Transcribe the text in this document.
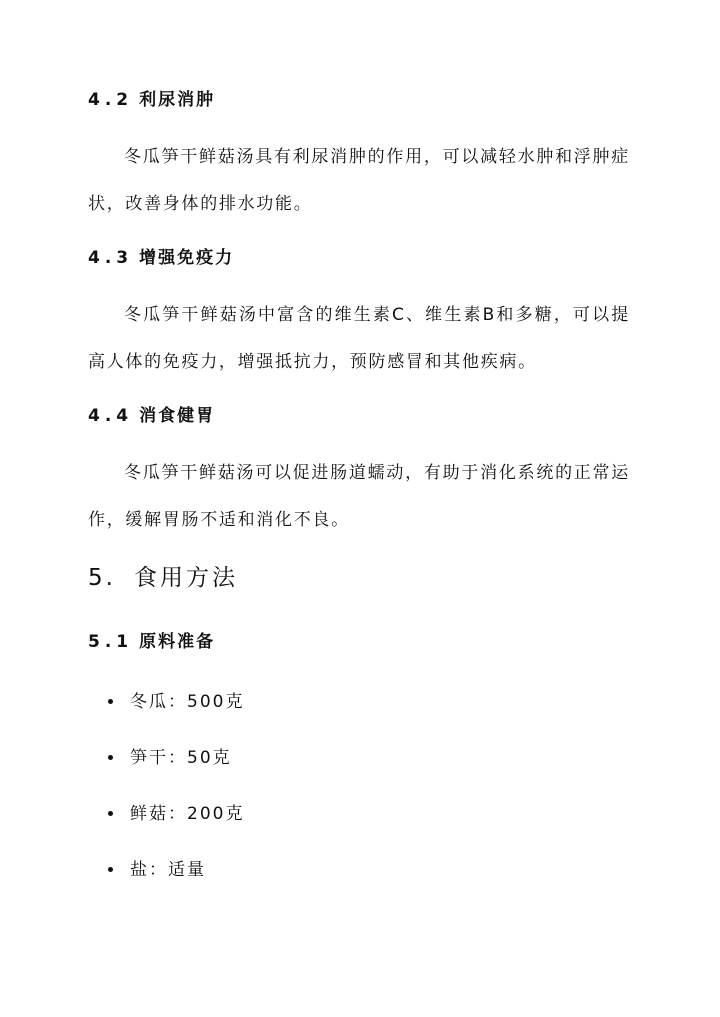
4.2 利尿消肿

冬瓜笋干鲜菇汤具有利尿消肿的作用，可以减轻水肿和浮肿症状，改善身体的排水功能。

4.3 增强免疫力

冬瓜笋干鲜菇汤中富含的维生素C、维生素B和多糖，可以提高人体的免疫力，增强抵抗力，预防感冒和其他疾病。

4.4 消食健胃

冬瓜笋干鲜菇汤可以促进肠道蠕动，有助于消化系统的正常运作，缓解胃肠不适和消化不良。

5. 食用方法
5.1 原料准备
冬瓜：500克
笋干：50克
鲜菇：200克
盐：适量
